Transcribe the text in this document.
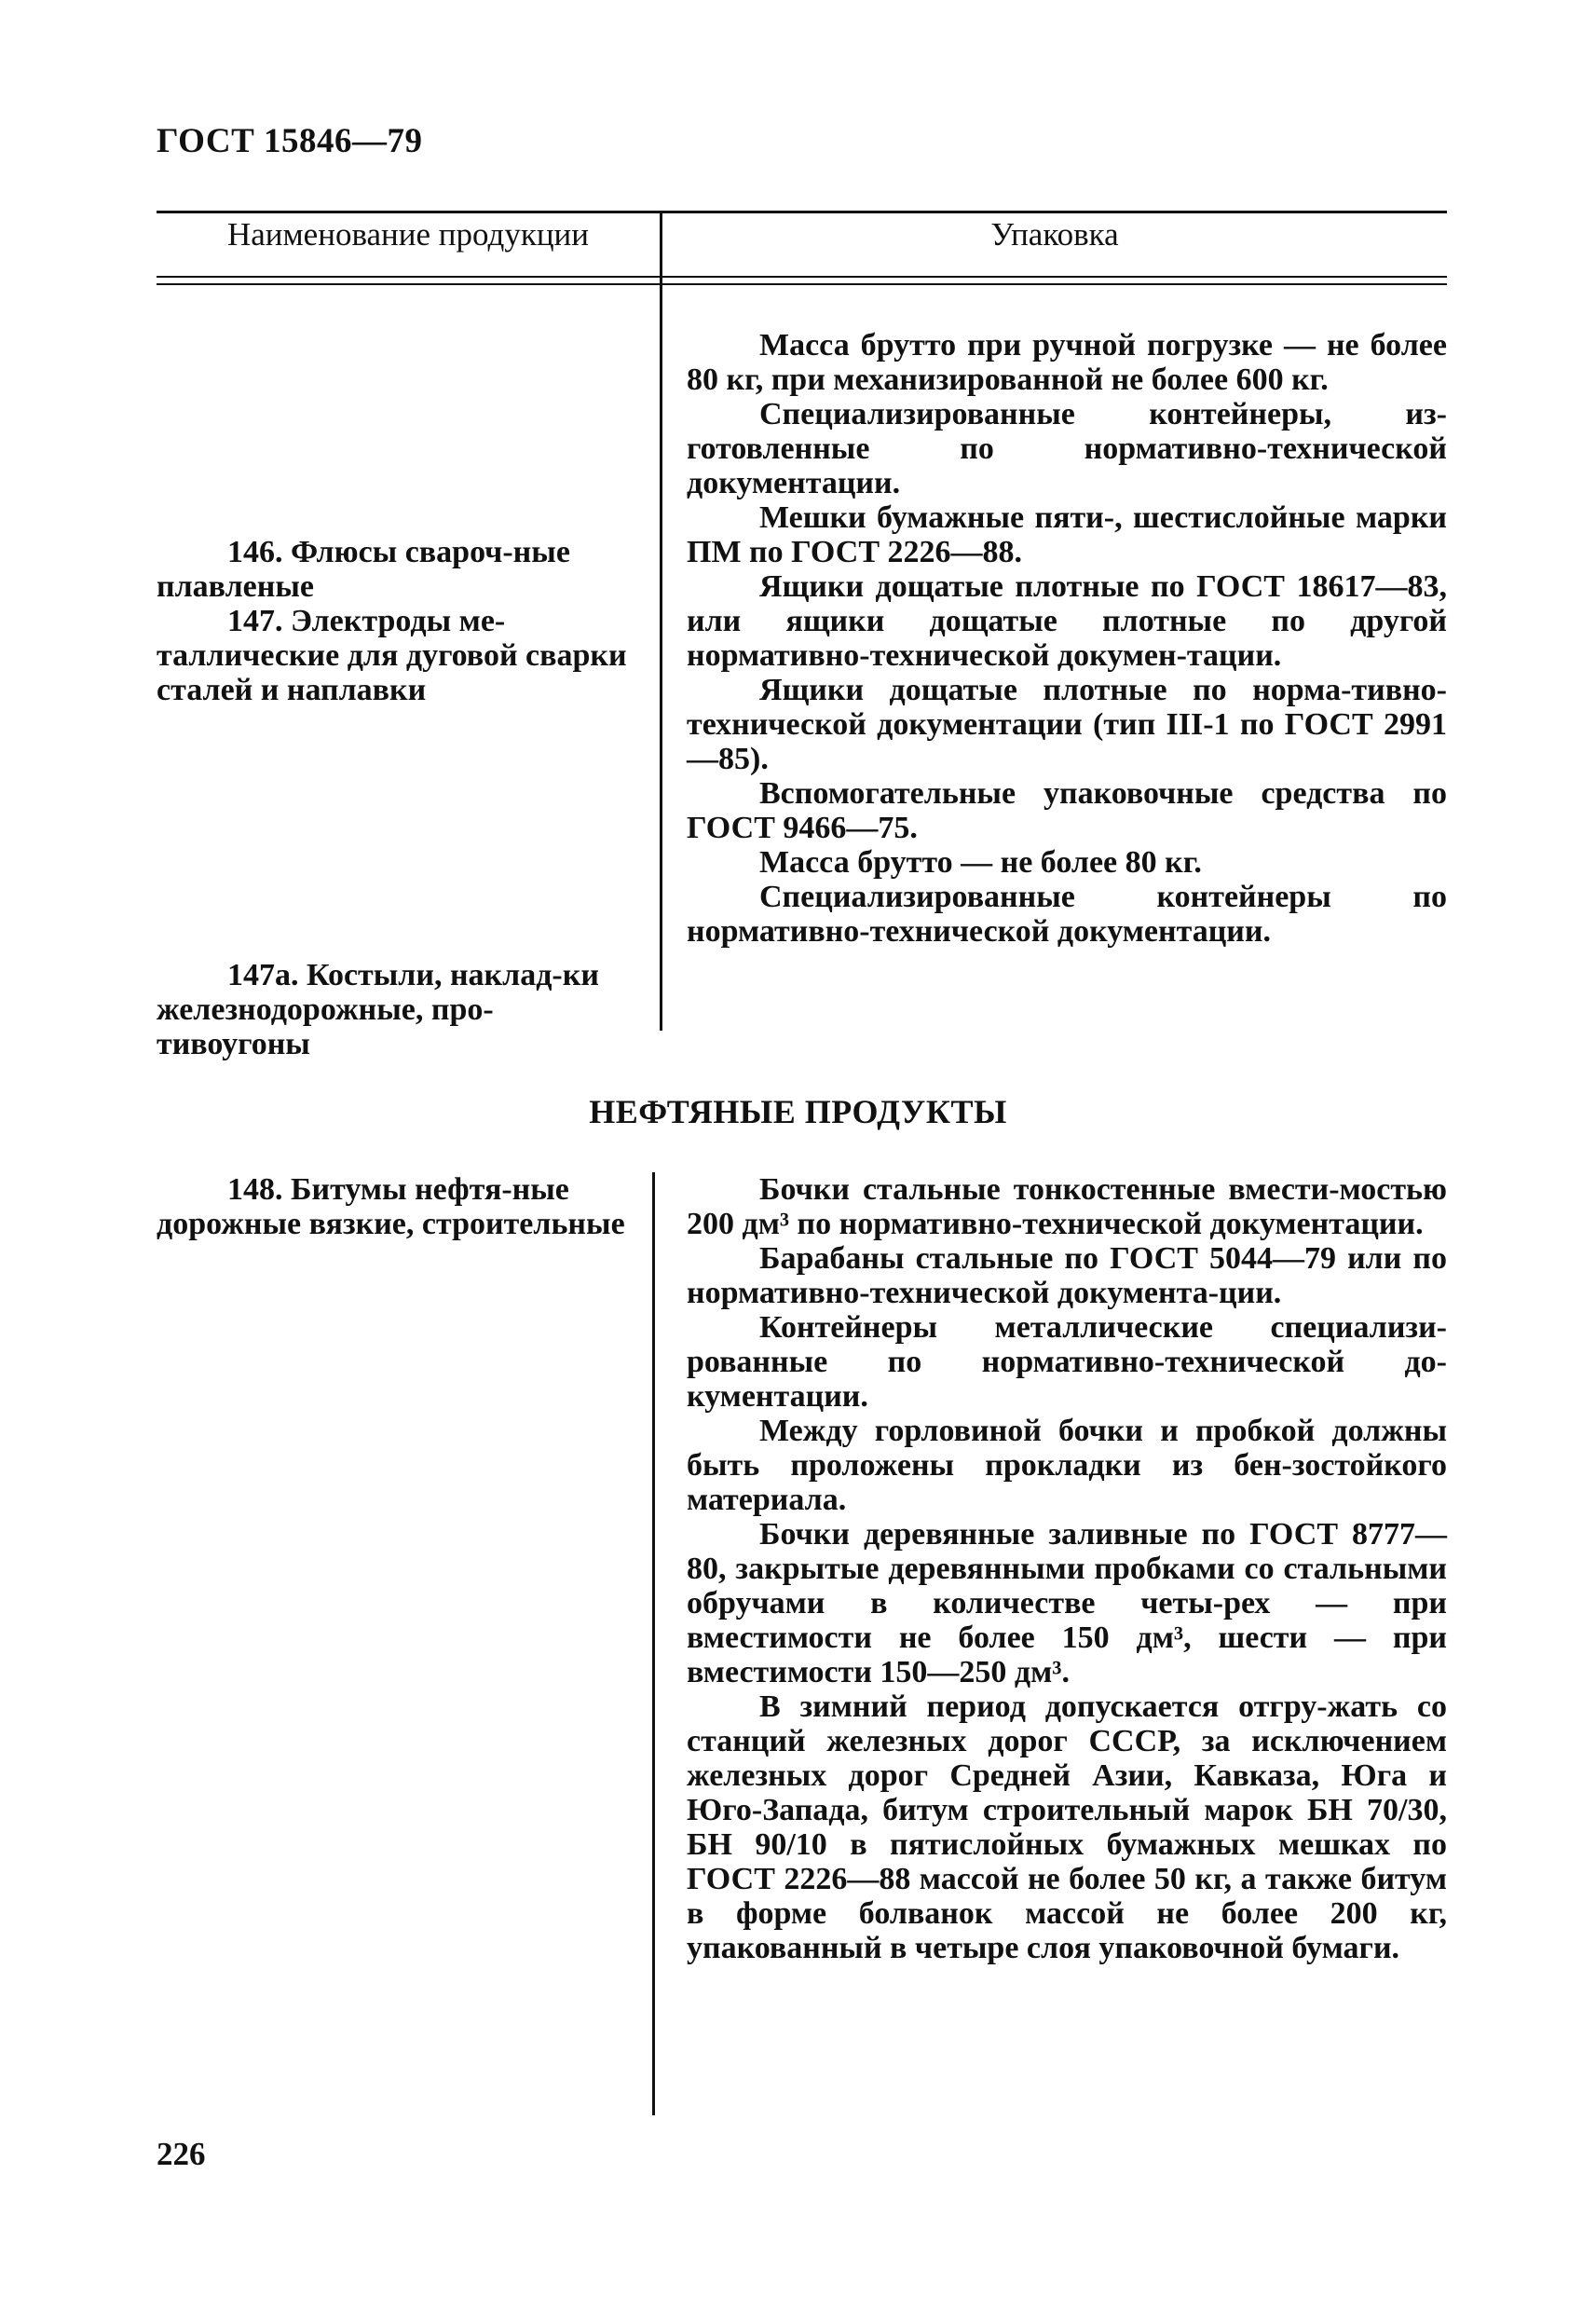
ГОСТ 15846—79
Наименование продукции	Упаковка

146. Флюсы свароч-ные плавленые

147. Электроды ме-таллические для дуговой сварки сталей и наплавки

147а. Костыли, наклад-ки железнодорожные, про-тивоугоны

Масса брутто при ручной погрузке — не более 80 кг, при механизированной не более 600 кг.

Специализированные контейнеры, из-готовленные по нормативно-технической документации.

Мешки бумажные пяти-, шестислойные марки ПМ по ГОСТ 2226—88.

Ящики дощатые плотные по ГОСТ 18617—83, или ящики дощатые плотные по другой нормативно-технической докумен-тации.

Ящики дощатые плотные по норма-тивно-технической документации (тип III-1 по ГОСТ 2991—85).

Вспомогательные упаковочные средства по ГОСТ 9466—75.

Масса брутто — не более 80 кг.

Специализированные контейнеры по нормативно-технической документации.

НЕФТЯНЫЕ ПРОДУКТЫ

148. Битумы нефтя-ные дорожные вязкие, строительные

Бочки стальные тонкостенные вмести-мостью 200 дм³ по нормативно-технической документации.

Барабаны стальные по ГОСТ 5044—79 или по нормативно-технической документа-ции.

Контейнеры металлические специализи-рованные по нормативно-технической до-кументации.

Между горловиной бочки и пробкой должны быть проложены прокладки из бен-зостойкого материала.

Бочки деревянные заливные по ГОСТ 8777—80, закрытые деревянными пробками со стальными обручами в количестве четы-рех — при вместимости не более 150 дм³, шести — при вместимости 150—250 дм³.

В зимний период допускается отгру-жать со станций железных дорог СССР, за исключением железных дорог Средней Азии, Кавказа, Юга и Юго-Запада, битум строительный марок БН 70/30, БН 90/10 в пятислойных бумажных мешках по ГОСТ 2226—88 массой не более 50 кг, а также битум в форме болванок массой не более 200 кг, упакованный в четыре слоя упаковочной бумаги.

226
